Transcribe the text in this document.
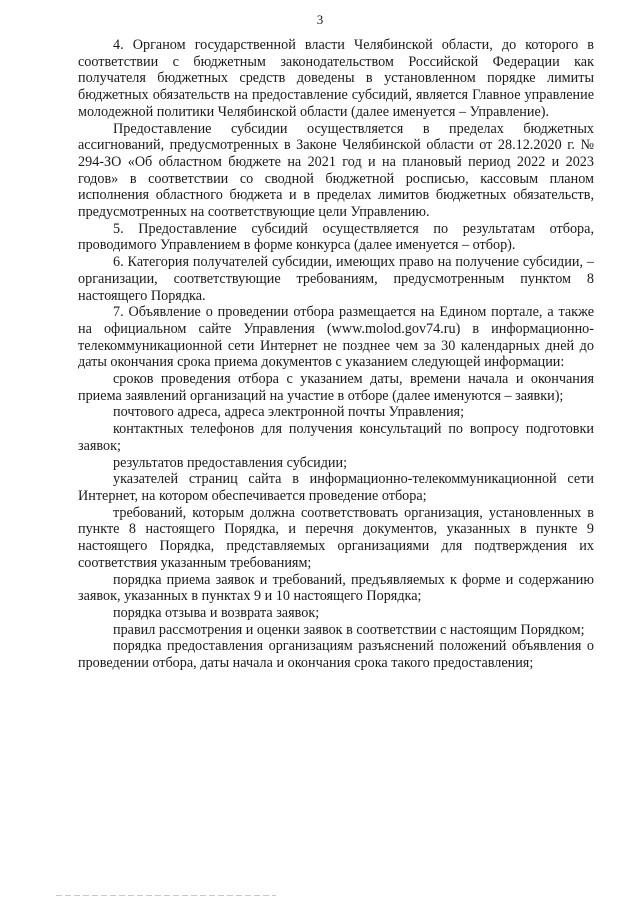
3

4. Органом государственной власти Челябинской области, до которого в соответствии с бюджетным законодательством Российской Федерации как получателя бюджетных средств доведены в установленном порядке лимиты бюджетных обязательств на предоставление субсидий, является Главное управление молодежной политики Челябинской области (далее именуется – Управление).

Предоставление субсидии осуществляется в пределах бюджетных ассигнований, предусмотренных в Законе Челябинской области от 28.12.2020 г. № 294-ЗО «Об областном бюджете на 2021 год и на плановый период 2022 и 2023 годов» в соответствии со сводной бюджетной росписью, кассовым планом исполнения областного бюджета и в пределах лимитов бюджетных обязательств, предусмотренных на соответствующие цели Управлению.

5. Предоставление субсидий осуществляется по результатам отбора, проводимого Управлением в форме конкурса (далее именуется – отбор).

6. Категория получателей субсидии, имеющих право на получение субсидии, – организации, соответствующие требованиям, предусмотренным пунктом 8 настоящего Порядка.

7. Объявление о проведении отбора размещается на Едином портале, а также на официальном сайте Управления (www.molod.gov74.ru) в информационно-телекоммуникационной сети Интернет не позднее чем за 30 календарных дней до даты окончания срока приема документов с указанием следующей информации:

сроков проведения отбора с указанием даты, времени начала и окончания приема заявлений организаций на участие в отборе (далее именуются – заявки);

почтового адреса, адреса электронной почты Управления;

контактных телефонов для получения консультаций по вопросу подготовки заявок;

результатов предоставления субсидии;

указателей страниц сайта в информационно-телекоммуникационной сети Интернет, на котором обеспечивается проведение отбора;

требований, которым должна соответствовать организация, установленных в пункте 8 настоящего Порядка, и перечня документов, указанных в пункте 9 настоящего Порядка, представляемых организациями для подтверждения их соответствия указанным требованиям;

порядка приема заявок и требований, предъявляемых к форме и содержанию заявок, указанных в пунктах 9 и 10 настоящего Порядка;

порядка отзыва и возврата заявок;

правил рассмотрения и оценки заявок в соответствии с настоящим Порядком;

порядка предоставления организациям разъяснений положений объявления о проведении отбора, даты начала и окончания срока такого предоставления;
